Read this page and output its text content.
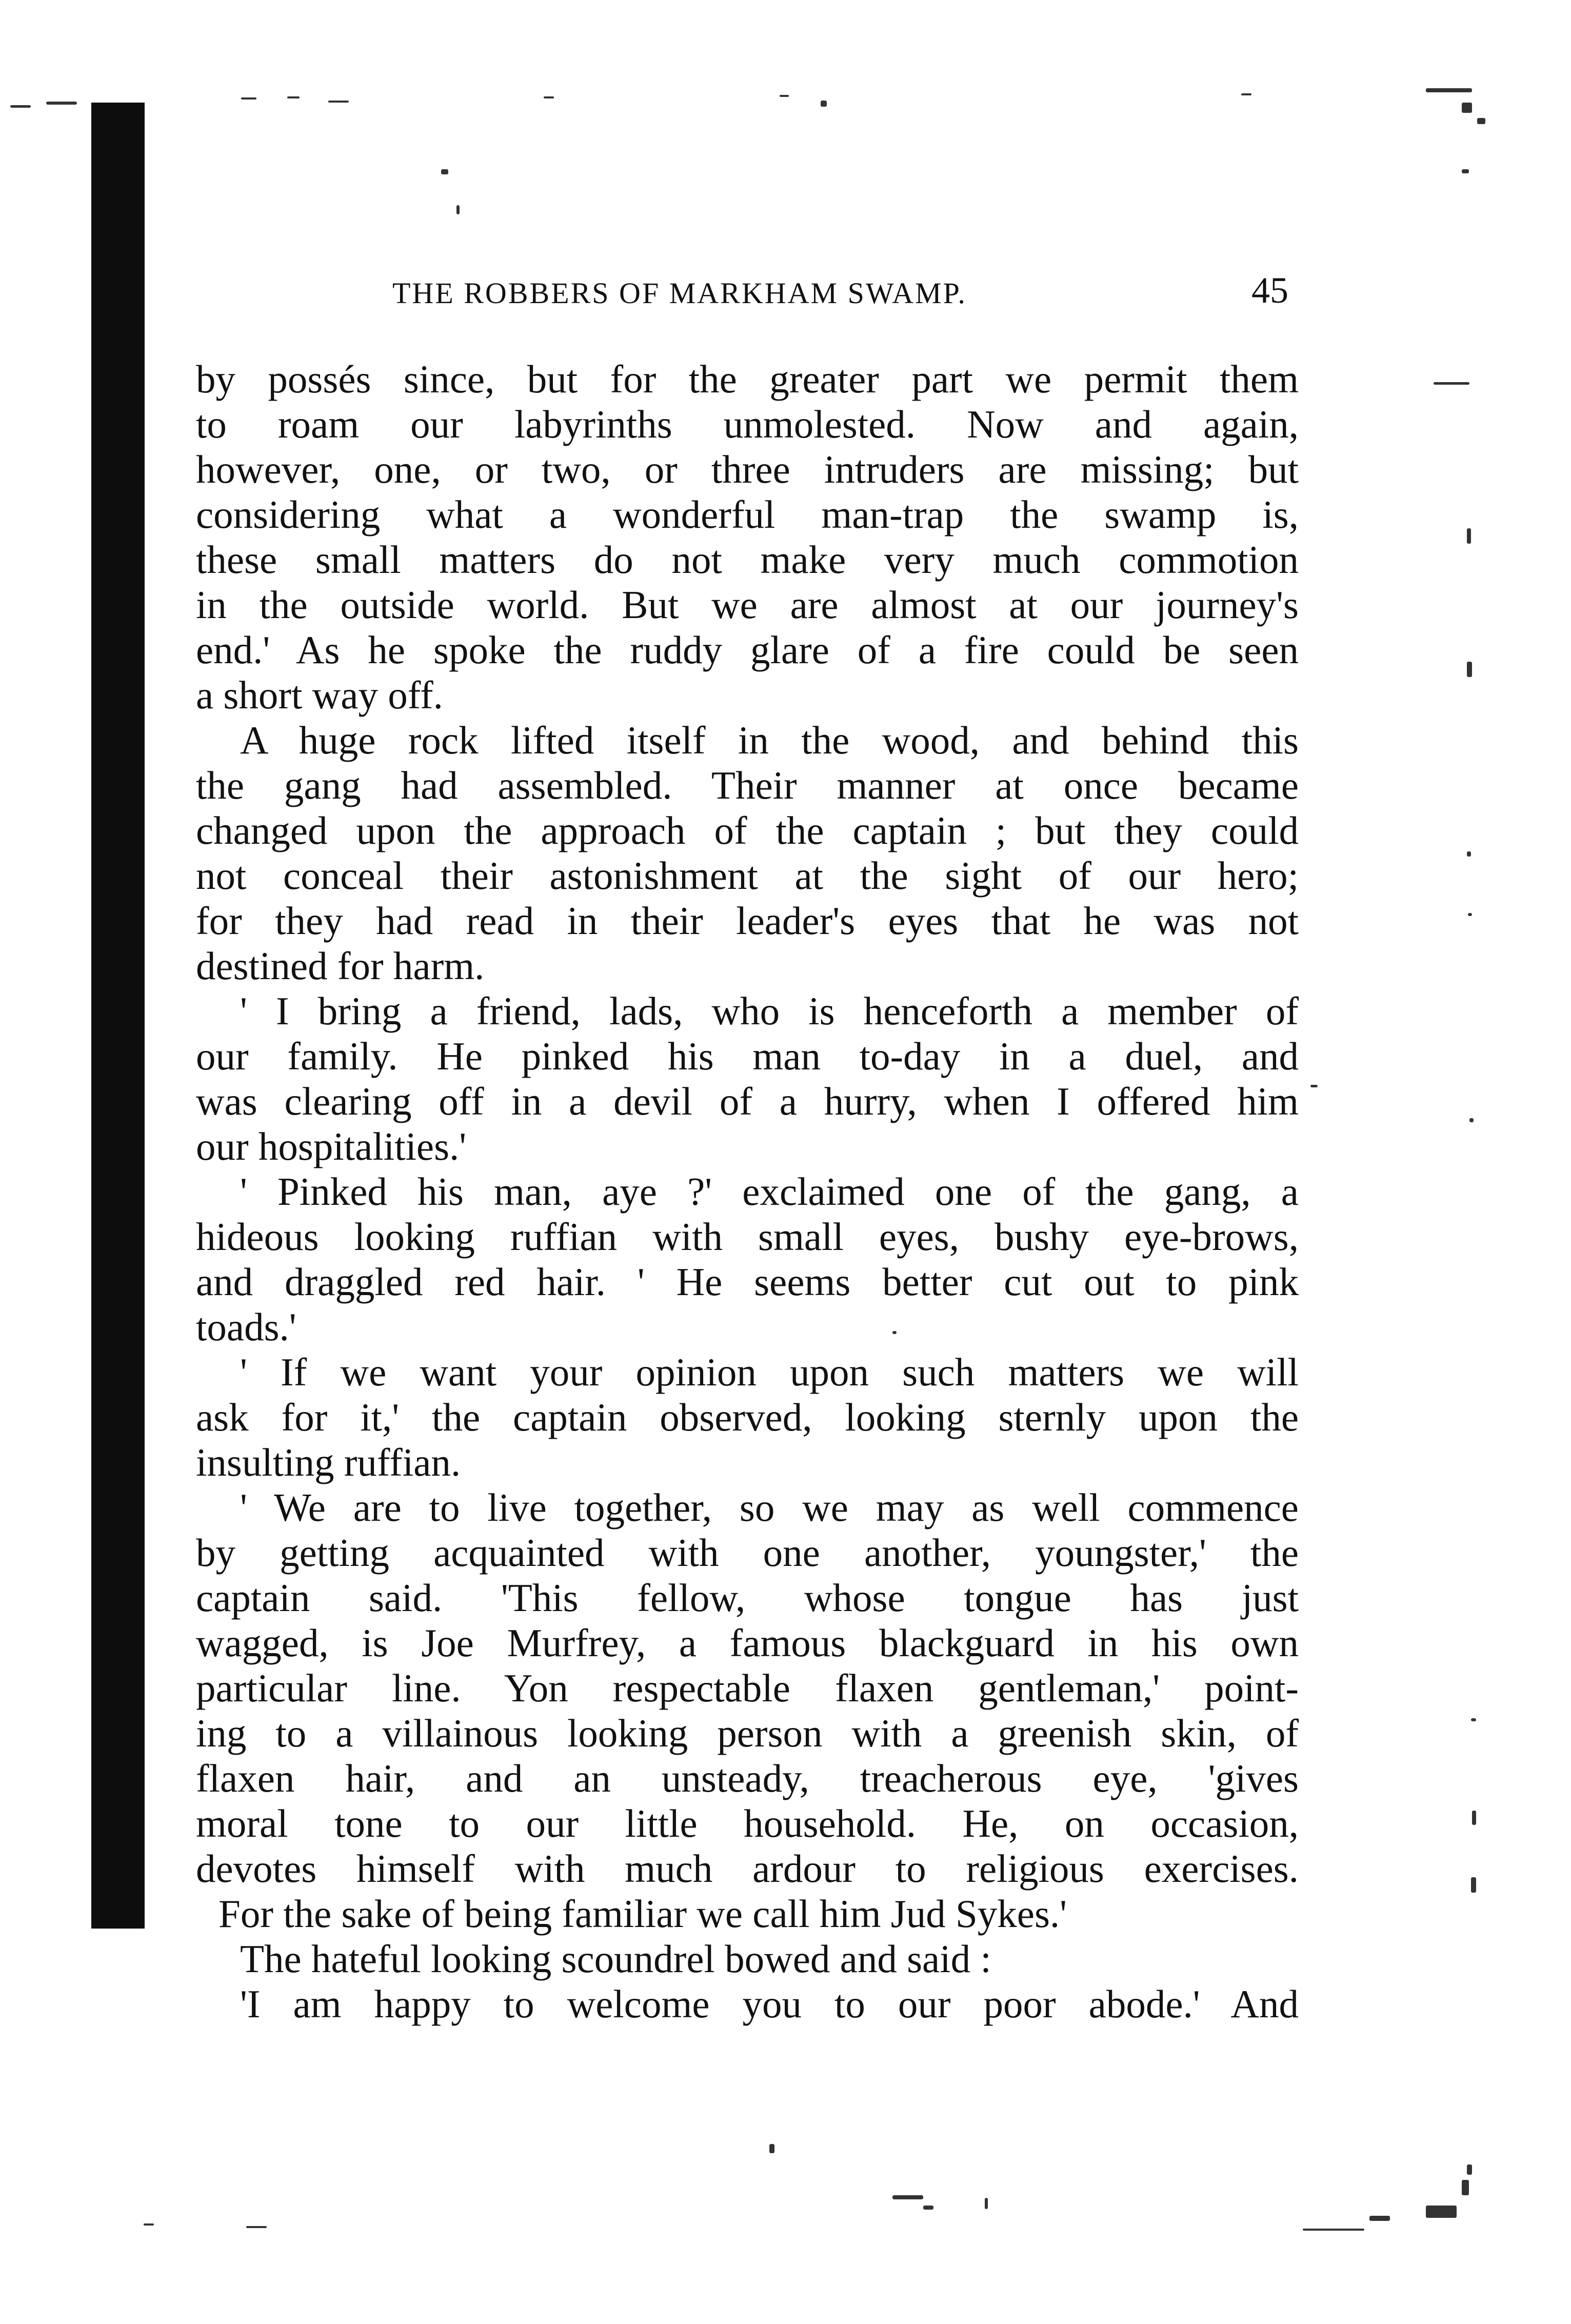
THE ROBBERS OF MARKHAM SWAMP.	45
by possés since, but for the greater part we permit them
to roam our labyrinths unmolested. Now and again,
however, one, or two, or three intruders are missing; but
considering what a wonderful man-trap the swamp is,
these small matters do not make very much commotion
in the outside world. But we are almost at our journey's
end.' As he spoke the ruddy glare of a fire could be seen
a short way off.
A huge rock lifted itself in the wood, and behind this
the gang had assembled. Their manner at once became
changed upon the approach of the captain ; but they could
not conceal their astonishment at the sight of our hero;
for they had read in their leader's eyes that he was not
destined for harm.
' I bring a friend, lads, who is henceforth a member of
our family. He pinked his man to-day in a duel, and
was clearing off in a devil of a hurry, when I offered him
our hospitalities.'
' Pinked his man, aye ?' exclaimed one of the gang, a
hideous looking ruffian with small eyes, bushy eye-brows,
and draggled red hair. ' He seems better cut out to pink
toads.'
' If we want your opinion upon such matters we will
ask for it,' the captain observed, looking sternly upon the
insulting ruffian.
' We are to live together, so we may as well commence
by getting acquainted with one another, youngster,' the
captain said. 'This fellow, whose tongue has just
wagged, is Joe Murfrey, a famous blackguard in his own
particular line. Yon respectable flaxen gentleman,' point-
ing to a villainous looking person with a greenish skin, of
flaxen hair, and an unsteady, treacherous eye, 'gives
moral tone to our little household. He, on occasion,
devotes himself with much ardour to religious exercises.
For the sake of being familiar we call him Jud Sykes.'
The hateful looking scoundrel bowed and said :
'I am happy to welcome you to our poor abode.' And
